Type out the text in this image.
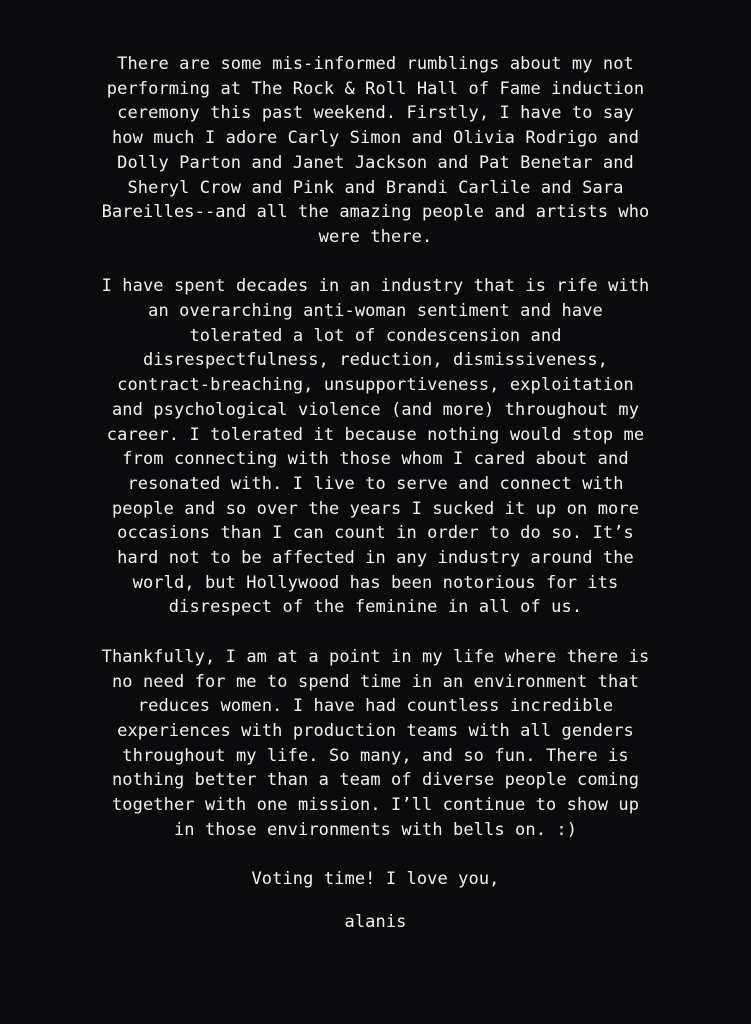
There are some mis-informed rumblings about my not
performing at The Rock & Roll Hall of Fame induction
ceremony this past weekend. Firstly, I have to say
how much I adore Carly Simon and Olivia Rodrigo and
Dolly Parton and Janet Jackson and Pat Benetar and
Sheryl Crow and Pink and Brandi Carlile and Sara
Bareilles--and all the amazing people and artists who
were there.

I have spent decades in an industry that is rife with
an overarching anti-woman sentiment and have
tolerated a lot of condescension and
disrespectfulness, reduction, dismissiveness,
contract-breaching, unsupportiveness, exploitation
and psychological violence (and more) throughout my
career. I tolerated it because nothing would stop me
from connecting with those whom I cared about and
resonated with. I live to serve and connect with
people and so over the years I sucked it up on more
occasions than I can count in order to do so. It’s
hard not to be affected in any industry around the
world, but Hollywood has been notorious for its
disrespect of the feminine in all of us.

Thankfully, I am at a point in my life where there is
no need for me to spend time in an environment that
reduces women. I have had countless incredible
experiences with production teams with all genders
throughout my life. So many, and so fun. There is
nothing better than a team of diverse people coming
together with one mission. I’ll continue to show up
in those environments with bells on. :)

Voting time! I love you,

alanis
